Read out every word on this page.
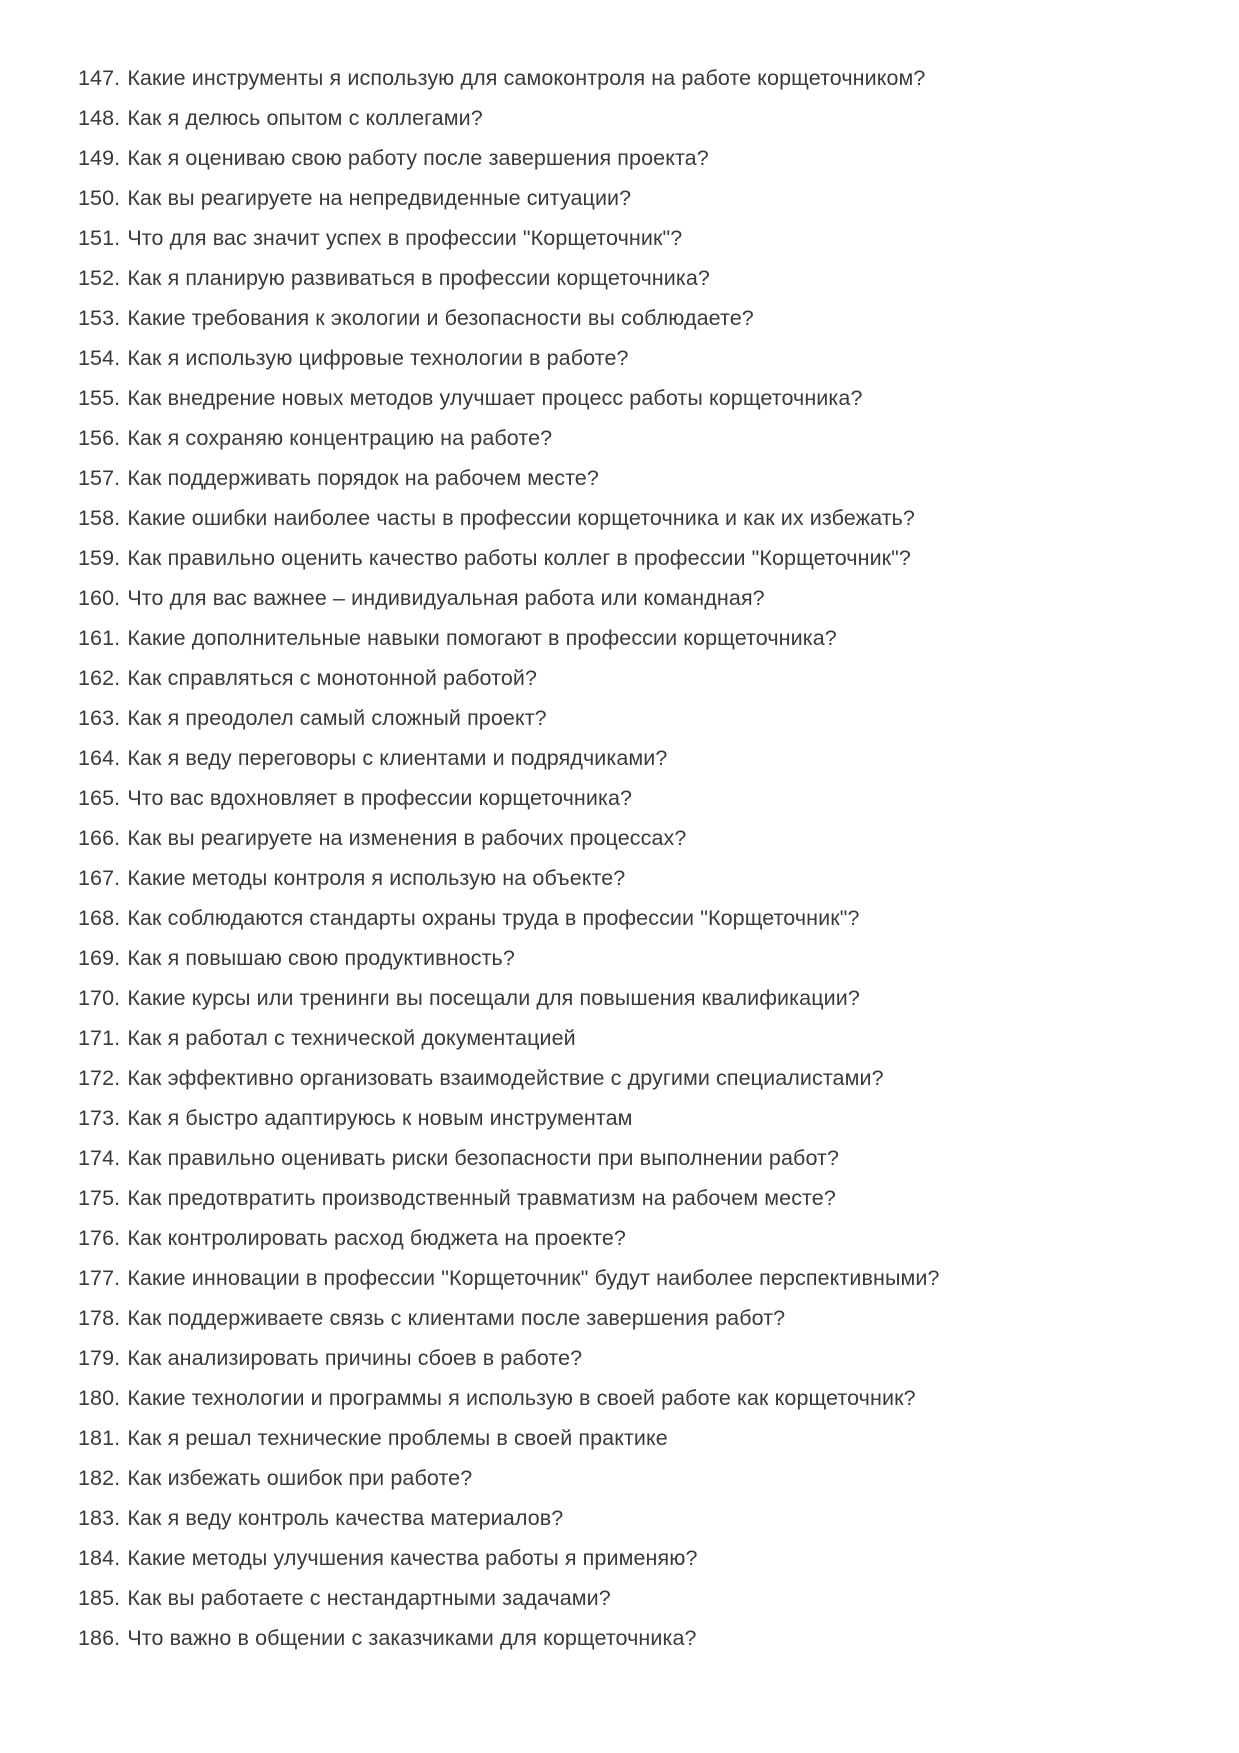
147. Какие инструменты я использую для самоконтроля на работе корщеточником?
148. Как я делюсь опытом с коллегами?
149. Как я оцениваю свою работу после завершения проекта?
150. Как вы реагируете на непредвиденные ситуации?
151. Что для вас значит успех в профессии "Корщеточник"?
152. Как я планирую развиваться в профессии корщеточника?
153. Какие требования к экологии и безопасности вы соблюдаете?
154. Как я использую цифровые технологии в работе?
155. Как внедрение новых методов улучшает процесс работы корщеточника?
156. Как я сохраняю концентрацию на работе?
157. Как поддерживать порядок на рабочем месте?
158. Какие ошибки наиболее часты в профессии корщеточника и как их избежать?
159. Как правильно оценить качество работы коллег в профессии "Корщеточник"?
160. Что для вас важнее – индивидуальная работа или командная?
161. Какие дополнительные навыки помогают в профессии корщеточника?
162. Как справляться с монотонной работой?
163. Как я преодолел самый сложный проект?
164. Как я веду переговоры с клиентами и подрядчиками?
165. Что вас вдохновляет в профессии корщеточника?
166. Как вы реагируете на изменения в рабочих процессах?
167. Какие методы контроля я использую на объекте?
168. Как соблюдаются стандарты охраны труда в профессии "Корщеточник"?
169. Как я повышаю свою продуктивность?
170. Какие курсы или тренинги вы посещали для повышения квалификации?
171. Как я работал с технической документацией
172. Как эффективно организовать взаимодействие с другими специалистами?
173. Как я быстро адаптируюсь к новым инструментам
174. Как правильно оценивать риски безопасности при выполнении работ?
175. Как предотвратить производственный травматизм на рабочем месте?
176. Как контролировать расход бюджета на проекте?
177. Какие инновации в профессии "Корщеточник" будут наиболее перспективными?
178. Как поддерживаете связь с клиентами после завершения работ?
179. Как анализировать причины сбоев в работе?
180. Какие технологии и программы я использую в своей работе как корщеточник?
181. Как я решал технические проблемы в своей практике
182. Как избежать ошибок при работе?
183. Как я веду контроль качества материалов?
184. Какие методы улучшения качества работы я применяю?
185. Как вы работаете с нестандартными задачами?
186. Что важно в общении с заказчиками для корщеточника?
